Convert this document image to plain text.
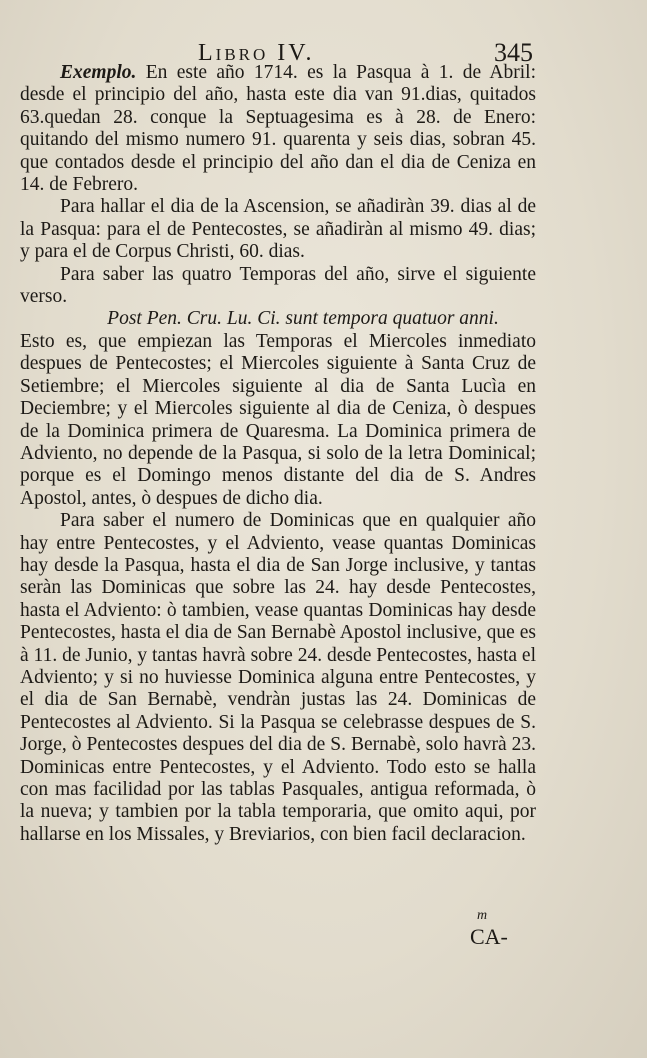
Libro IV.	345

Exemplo. En este año 1714. es la Pasqua à 1. de Abril: desde el principio del año, hasta este dia van 91.dias, quitados 63.quedan 28. conque la Septuagesima es à 28. de Enero: quitando del mismo numero 91. quarenta y seis dias, sobran 45. que contados desde el principio del año dan el dia de Ceniza en 14. de Febrero.

Para hallar el dia de la Ascension, se añadiràn 39. dias al de la Pasqua: para el de Pentecostes, se añadiràn al mismo 49. dias; y para el de Corpus Christi, 60. dias.

Para saber las quatro Temporas del año, sirve el siguiente verso.

Post Pen. Cru. Lu. Ci. sunt tempora quatuor anni.

Esto es, que empiezan las Temporas el Miercoles inmediato despues de Pentecostes; el Miercoles siguiente à Santa Cruz de Setiembre; el Miercoles siguiente al dia de Santa Lucìa en Deciembre; y el Miercoles siguiente al dia de Ceniza, ò despues de la Dominica primera de Quaresma. La Dominica primera de Adviento, no depende de la Pasqua, si solo de la letra Dominical; porque es el Domingo menos distante del dia de S. Andres Apostol, antes, ò despues de dicho dia.

Para saber el numero de Dominicas que en qualquier año hay entre Pentecostes, y el Adviento, vease quantas Dominicas hay desde la Pasqua, hasta el dia de San Jorge inclusive, y tantas seràn las Dominicas que sobre las 24. hay desde Pentecostes, hasta el Adviento: ò tambien, vease quantas Dominicas hay desde Pentecostes, hasta el dia de San Bernabè Apostol inclusive, que es à 11. de Junio, y tantas havrà sobre 24. desde Pentecostes, hasta el Adviento; y si no huviesse Dominica alguna entre Pentecostes, y el dia de San Bernabè, vendràn justas las 24. Dominicas de Pentecostes al Adviento. Si la Pasqua se celebrasse despues de S. Jorge, ò Pentecostes despues del dia de S. Bernabè, solo havrà 23. Dominicas entre Pentecostes, y el Adviento. Todo esto se halla con mas facilidad por las tablas Pasquales, antigua reformada, ò la nueva; y tambien por la tabla temporaria, que omito aqui, por hallarse en los Missales, y Breviarios, con bien facil declaracion.

m
CA-
